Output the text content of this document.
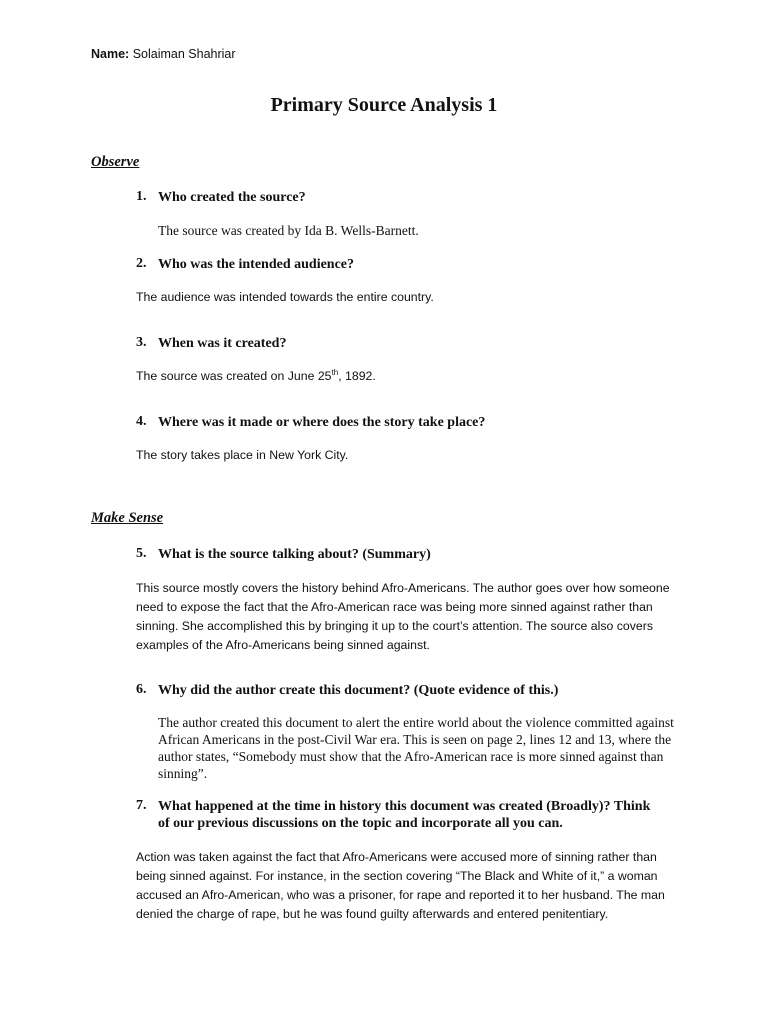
Name: Solaiman Shahriar
Primary Source Analysis 1
Observe
1. Who created the source?
The source was created by Ida B. Wells-Barnett.
2. Who was the intended audience?
The audience was intended towards the entire country.
3. When was it created?
The source was created on June 25th, 1892.
4. Where was it made or where does the story take place?
The story takes place in New York City.
Make Sense
5. What is the source talking about? (Summary)
This source mostly covers the history behind Afro-Americans. The author goes over how someone need to expose the fact that the Afro-American race was being more sinned against rather than sinning. She accomplished this by bringing it up to the court’s attention. The source also covers examples of the Afro-Americans being sinned against.
6. Why did the author create this document? (Quote evidence of this.)
The author created this document to alert the entire world about the violence committed against African Americans in the post-Civil War era. This is seen on page 2, lines 12 and 13, where the author states, “Somebody must show that the Afro-American race is more sinned against than sinning”.
7. What happened at the time in history this document was created (Broadly)? Think of our previous discussions on the topic and incorporate all you can.
Action was taken against the fact that Afro-Americans were accused more of sinning rather than being sinned against. For instance, in the section covering “The Black and White of it,” a woman accused an Afro-American, who was a prisoner, for rape and reported it to her husband. The man denied the charge of rape, but he was found guilty afterwards and entered penitentiary.
